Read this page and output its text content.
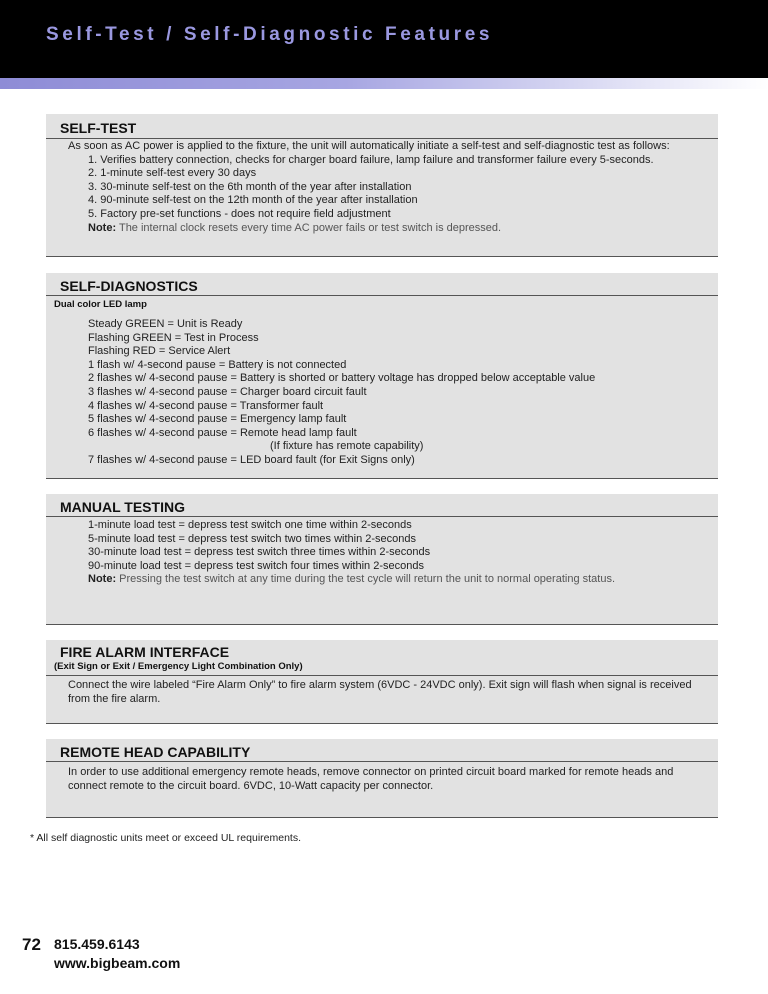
Self-Test / Self-Diagnostic Features
SELF-TEST
As soon as AC power is applied to the fixture, the unit will automatically initiate a self-test and self-diagnostic test as follows:
1. Verifies battery connection, checks for charger board failure, lamp failure and transformer failure every 5-seconds.
2. 1-minute self-test every 30 days
3. 30-minute self-test on the 6th month of the year after installation
4. 90-minute self-test on the 12th month of the year after installation
5. Factory pre-set functions - does not require field adjustment
Note: The internal clock resets every time AC power fails or test switch is depressed.
SELF-DIAGNOSTICS
Dual color LED lamp
Steady GREEN = Unit is Ready
Flashing GREEN = Test in Process
Flashing RED = Service Alert
1 flash w/ 4-second pause = Battery is not connected
2 flashes w/ 4-second pause = Battery is shorted or battery voltage has dropped below acceptable value
3 flashes w/ 4-second pause = Charger board circuit fault
4 flashes w/ 4-second pause = Transformer fault
5 flashes w/ 4-second pause = Emergency lamp fault
6 flashes w/ 4-second pause = Remote head lamp fault
(If fixture has remote capability)
7 flashes w/ 4-second pause = LED board fault (for Exit Signs only)
MANUAL TESTING
1-minute load test = depress test switch one time within 2-seconds
5-minute load test = depress test switch two times within 2-seconds
30-minute load test = depress test switch three times within 2-seconds
90-minute load test = depress test switch four times within 2-seconds
Note: Pressing the test switch at any time during the test cycle will return the unit to normal operating status.
FIRE ALARM INTERFACE
(Exit Sign or Exit / Emergency Light Combination Only)
Connect the wire labeled “Fire Alarm Only” to fire alarm system (6VDC - 24VDC only). Exit sign will flash when signal is received from the fire alarm.
REMOTE HEAD CAPABILITY
In order to use additional emergency remote heads, remove connector on printed circuit board marked for remote heads and connect remote to the circuit board. 6VDC, 10-Watt capacity per connector.
* All self diagnostic units meet or exceed UL requirements.
72 815.459.6143
www.bigbeam.com
